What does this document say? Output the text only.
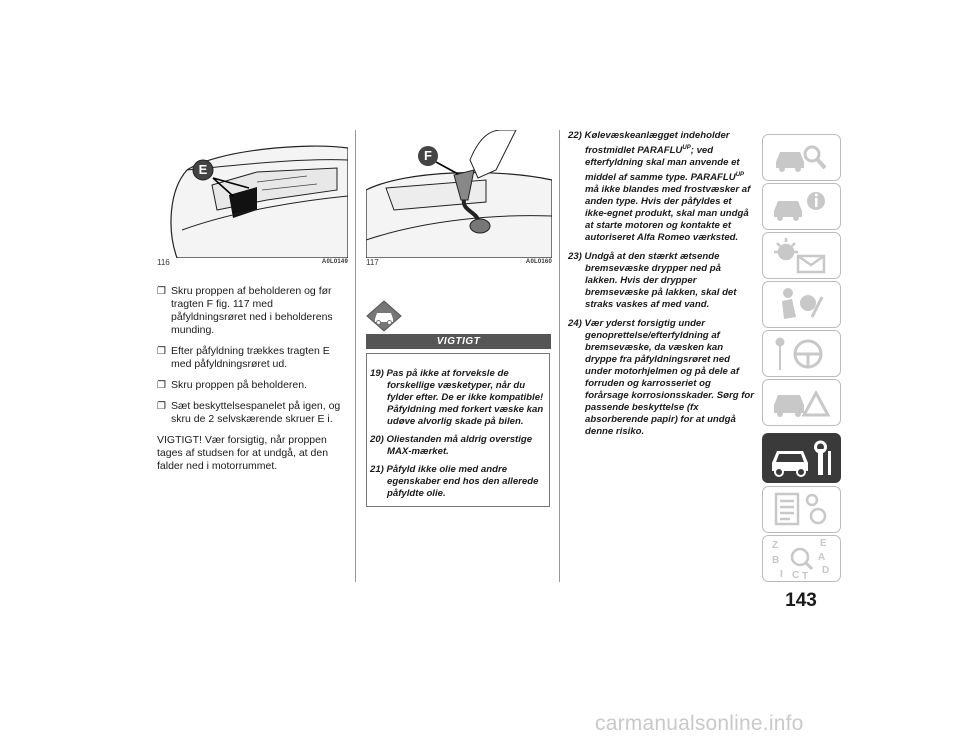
E
116	A0L0149
F
117	A0L0160
❐ Skru proppen af beholderen og før tragten F fig. 117 med påfyldningsrøret ned i beholderens munding.
❐ Efter påfyldning trækkes tragten E med påfyldningsrøret ud.
❐ Skru proppen på beholderen.
❐ Sæt beskyttelsespanelet på igen, og skru de 2 selvskærende skruer E i.

VIGTIGT! Vær forsigtig, når proppen tages af studsen for at undgå, at den falder ned i motorrummet.

VIGTIGT

19) Pas på ikke at forveksle de forskellige væsketyper, når du fylder efter. De er ikke kompatible! Påfyldning med forkert væske kan udøve alvorlig skade på bilen.

20) Oliestanden må aldrig overstige MAX-mærket.

21) Påfyld ikke olie med andre egenskaber end hos den allerede påfyldte olie.

22) Kølevæskeanlægget indeholder frostmidlet $PARAFLU^{UP}$; ved efterfyldning skal man anvende et middel af samme type. $PARAFLU^{UP}$ må ikke blandes med frostvæsker af anden type. Hvis der påfyldes et ikke-egnet produkt, skal man undgå at starte motoren og kontakte et autoriseret Alfa Romeo værksted.

23) Undgå at den stærkt ætsende bremsevæske drypper ned på lakken. Hvis der drypper bremsevæske på lakken, skal det straks vaskes af med vand.

24) Vær yderst forsigtig under genoprettelse/efterfyldning af bremsevæske, da væsken kan dryppe fra påfyldningsrøret ned under motorhjelmen og på dele af forruden og karrosseriet og forårsage korrosionsskader. Sørg for passende beskyttelse (fx absorberende papir) for at undgå denne risiko.

Z	E
B	A
I C T
D
143
carmanualsonline.info
